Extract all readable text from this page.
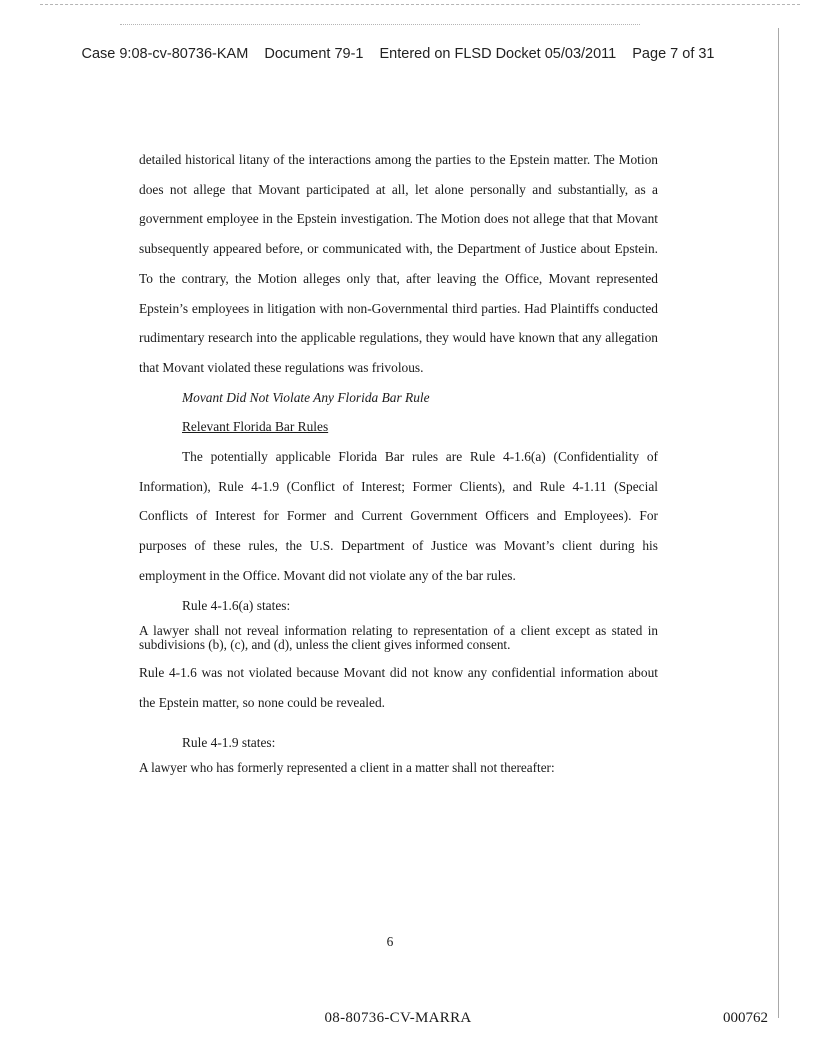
Case 9:08-cv-80736-KAM Document 79-1 Entered on FLSD Docket 05/03/2011 Page 7 of 31

detailed historical litany of the interactions among the parties to the Epstein matter. The Motion does not allege that Movant participated at all, let alone personally and substantially, as a government employee in the Epstein investigation. The Motion does not allege that that Movant subsequently appeared before, or communicated with, the Department of Justice about Epstein. To the contrary, the Motion alleges only that, after leaving the Office, Movant represented Epstein’s employees in litigation with non-Governmental third parties. Had Plaintiffs conducted rudimentary research into the applicable regulations, they would have known that any allegation that Movant violated these regulations was frivolous.

Movant Did Not Violate Any Florida Bar Rule

Relevant Florida Bar Rules

The potentially applicable Florida Bar rules are Rule 4-1.6(a) (Confidentiality of Information), Rule 4-1.9 (Conflict of Interest; Former Clients), and Rule 4-1.11 (Special Conflicts of Interest for Former and Current Government Officers and Employees). For purposes of these rules, the U.S. Department of Justice was Movant’s client during his employment in the Office. Movant did not violate any of the bar rules.

Rule 4-1.6(a) states:

A lawyer shall not reveal information relating to representation of a client except as stated in subdivisions (b), (c), and (d), unless the client gives informed consent.

Rule 4-1.6 was not violated because Movant did not know any confidential information about the Epstein matter, so none could be revealed.

Rule 4-1.9 states:

A lawyer who has formerly represented a client in a matter shall not thereafter:

6
08-80736-CV-MARRA	000762
